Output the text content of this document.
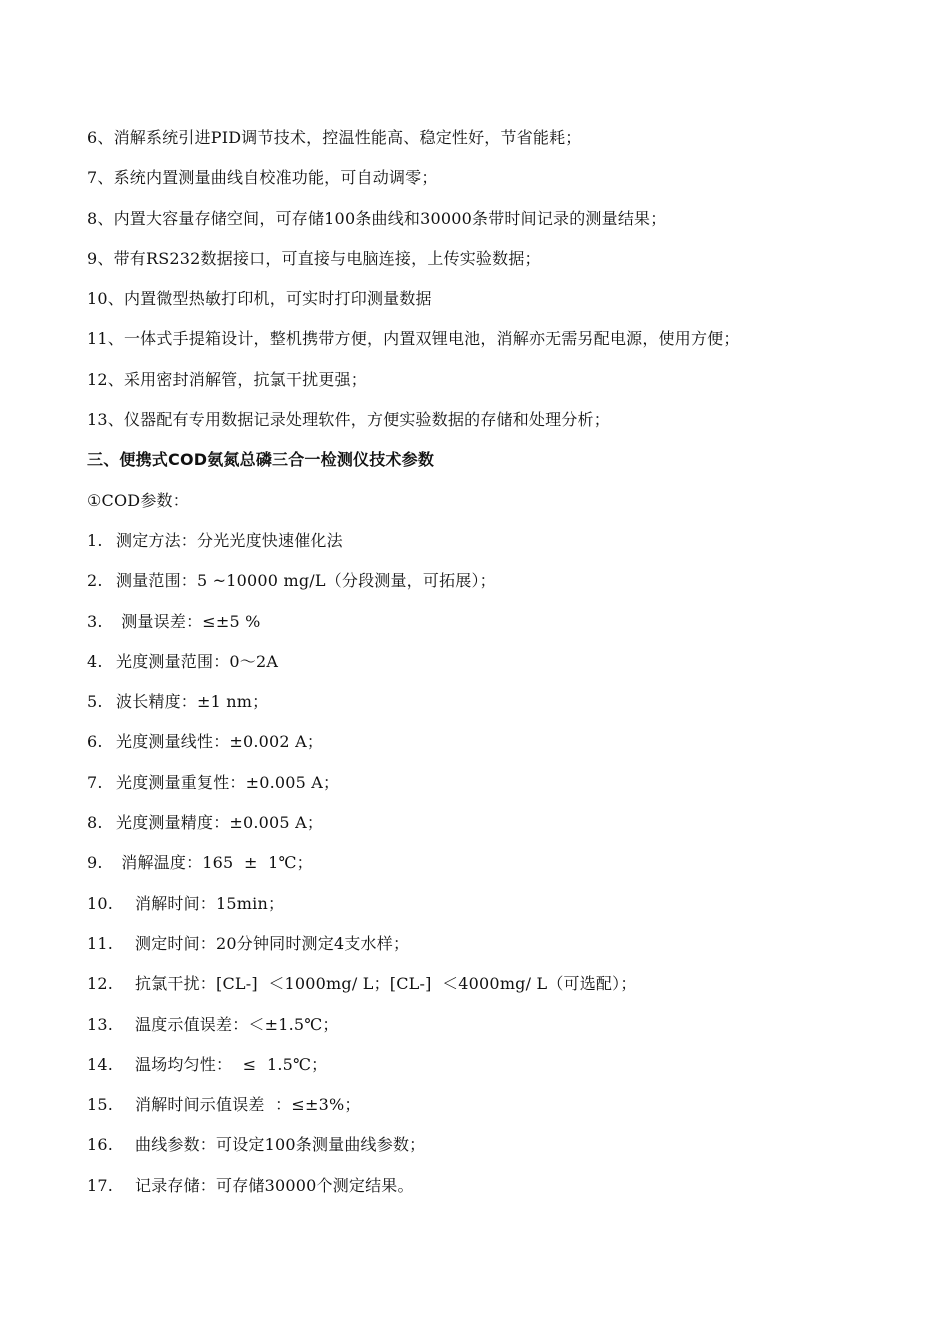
6、消解系统引进PID调节技术，控温性能高、稳定性好，节省能耗；
7、系统内置测量曲线自校准功能，可自动调零；
8、内置大容量存储空间，可存储100条曲线和30000条带时间记录的测量结果；
9、带有RS232数据接口，可直接与电脑连接，上传实验数据；
10、内置微型热敏打印机，可实时打印测量数据
11、一体式手提箱设计，整机携带方便，内置双锂电池，消解亦无需另配电源，使用方便；
12、采用密封消解管，抗氯干扰更强；
13、仪器配有专用数据记录处理软件，方便实验数据的存储和处理分析；
三、便携式COD氨氮总磷三合一检测仪技术参数
①COD参数：
1. 测定方法：分光光度快速催化法
2. 测量范围：5 ~10000 mg/L（分段测量，可拓展）；
3. 测量误差：≤±5 %
4. 光度测量范围：0～2A
5. 波长精度：±1 nm；
6. 光度测量线性：±0.002 A；
7. 光度测量重复性：±0.005 A；
8. 光度测量精度：±0.005 A；
9. 消解温度：165  ±  1℃；
10. 消解时间：15min；
11. 测定时间：20分钟同时测定4支水样；
12. 抗氯干扰：[CL-]  ＜1000mg/ L；[CL-]  ＜4000mg/ L（可选配）；
13. 温度示值误差：＜±1.5℃；
14. 温场均匀性：  ≤  1.5℃；
15. 消解时间示值误差  ：≤±3%；
16. 曲线参数：可设定100条测量曲线参数；
17. 记录存储：可存储30000个测定结果。
